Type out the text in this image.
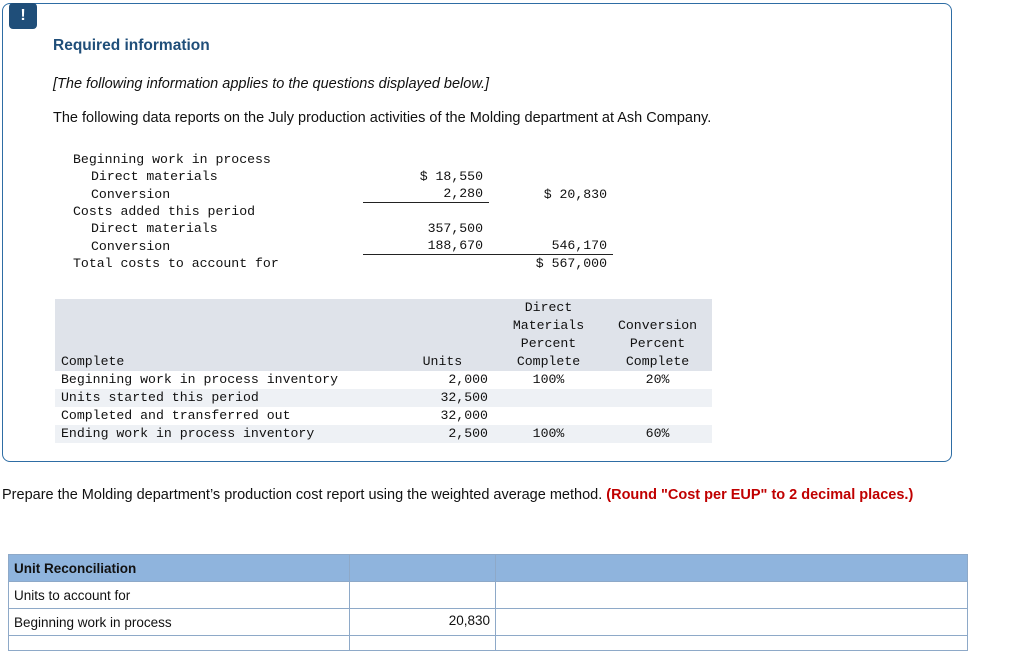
!
Required information
[The following information applies to the questions displayed below.]
The following data reports on the July production activities of the Molding department at Ash Company.
Beginning work in process		
Direct materials	$ 18,550	
Conversion	2,280	$ 20,830
Costs added this period		
Direct materials	357,500	
Conversion	188,670	546,170
Total costs to account for		$ 567,000
		Direct	
		Materials	Conversion
		Percent	Percent
Complete	Units	Complete	Complete
Beginning work in process inventory	2,000	100%	20%
Units started this period	32,500		
Completed and transferred out	32,000		
Ending work in process inventory	2,500	100%	60%
Prepare the Molding department’s production cost report using the weighted average method. (Round "Cost per EUP" to 2 decimal places.)
Unit Reconciliation		
Units to account for		
Beginning work in process	20,830	
